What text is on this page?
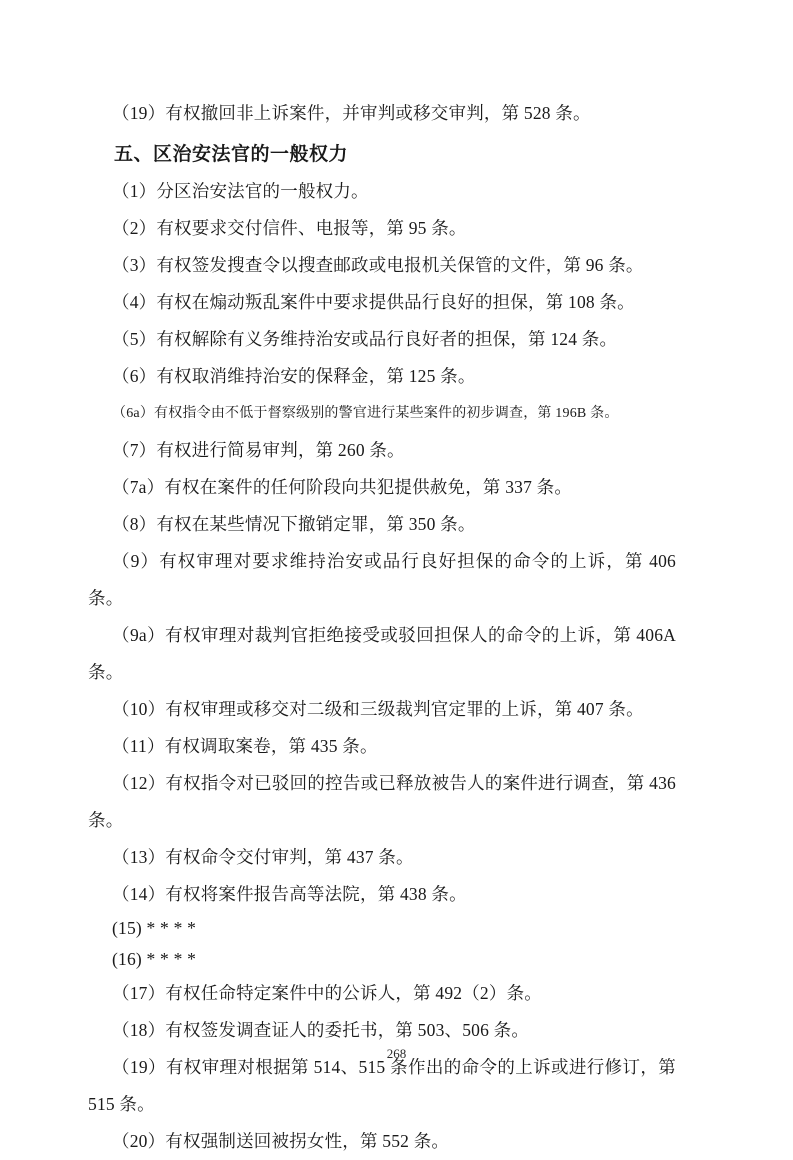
（19）有权撤回非上诉案件，并审判或移交审判，第 528 条。

五、区治安法官的一般权力

（1）分区治安法官的一般权力。

（2）有权要求交付信件、电报等，第 95 条。

（3）有权签发搜查令以搜查邮政或电报机关保管的文件，第 96 条。

（4）有权在煽动叛乱案件中要求提供品行良好的担保，第 108 条。

（5）有权解除有义务维持治安或品行良好者的担保，第 124 条。

（6）有权取消维持治安的保释金，第 125 条。

（6a）有权指令由不低于督察级别的警官进行某些案件的初步调查，第 196B 条。

（7）有权进行简易审判，第 260 条。

（7a）有权在案件的任何阶段向共犯提供赦免，第 337 条。

（8）有权在某些情况下撤销定罪，第 350 条。

（9）有权审理对要求维持治安或品行良好担保的命令的上诉，第 406 条。

（9a）有权审理对裁判官拒绝接受或驳回担保人的命令的上诉，第 406A 条。

（10）有权审理或移交对二级和三级裁判官定罪的上诉，第 407 条。

（11）有权调取案卷，第 435 条。

（12）有权指令对已驳回的控告或已释放被告人的案件进行调查，第 436 条。

（13）有权命令交付审判，第 437 条。

（14）有权将案件报告高等法院，第 438 条。

(15) * * * *

(16) * * * *

（17）有权任命特定案件中的公诉人，第 492（2）条。

（18）有权签发调查证人的委托书，第 503、506 条。

（19）有权审理对根据第 514、515 条作出的命令的上诉或进行修订，第 515 条。

（20）有权强制送回被拐女性，第 552 条。

268
